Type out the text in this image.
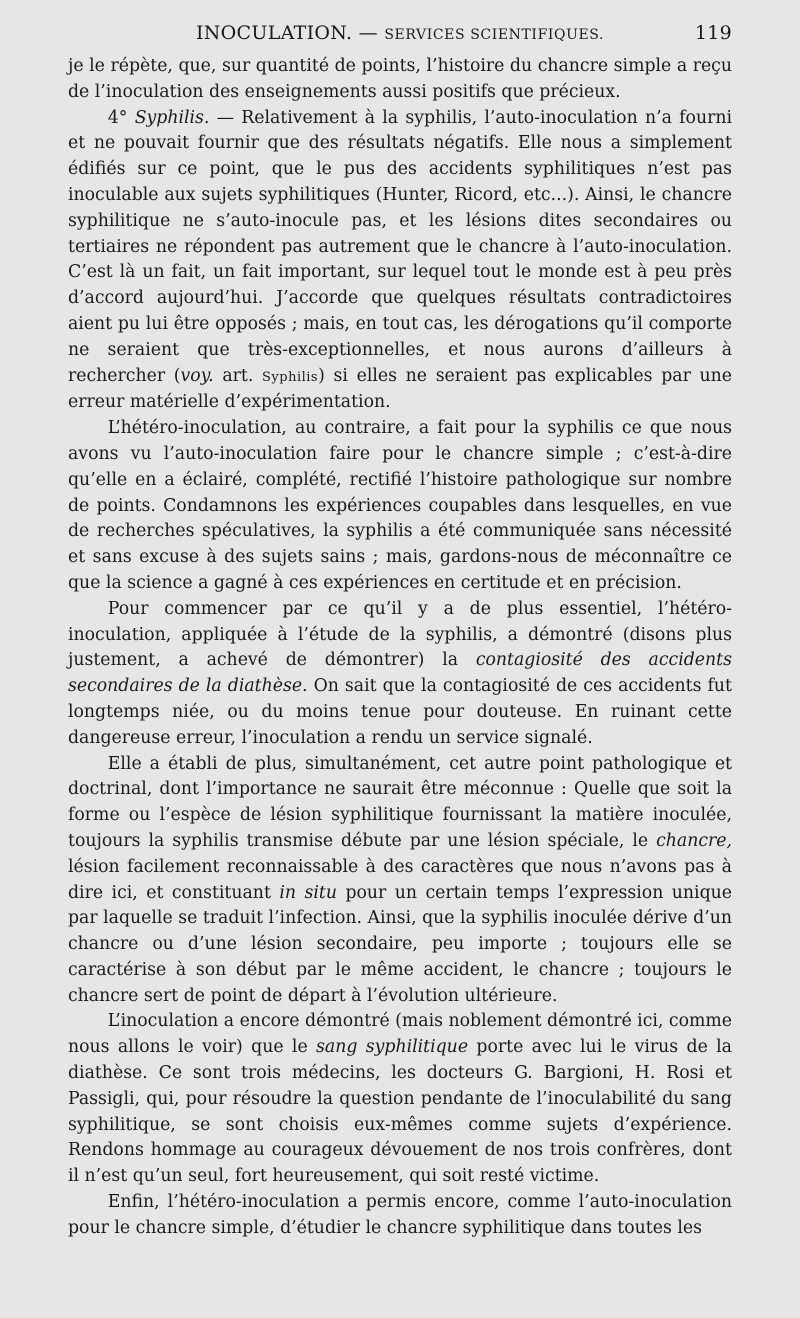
INOCULATION. — SERVICES SCIENTIFIQUES.	119

je le répète, que, sur quantité de points, l’histoire du chancre simple a reçu de l’inoculation des enseignements aussi positifs que précieux.

4° Syphilis. — Relativement à la syphilis, l’auto-inoculation n’a fourni et ne pouvait fournir que des résultats négatifs. Elle nous a simplement édifiés sur ce point, que le pus des accidents syphilitiques n’est pas inoculable aux sujets syphilitiques (Hunter, Ricord, etc...). Ainsi, le chancre syphilitique ne s’auto-inocule pas, et les lésions dites secondaires ou tertiaires ne répondent pas autrement que le chancre à l’auto-inoculation. C’est là un fait, un fait important, sur lequel tout le monde est à peu près d’accord aujourd’hui. J’accorde que quelques résultats contradictoires aient pu lui être opposés ; mais, en tout cas, les dérogations qu’il comporte ne seraient que très-exceptionnelles, et nous aurons d’ailleurs à rechercher (voy. art. Syphilis) si elles ne seraient pas explicables par une erreur matérielle d’expérimentation.

L’hétéro-inoculation, au contraire, a fait pour la syphilis ce que nous avons vu l’auto-inoculation faire pour le chancre simple ; c’est-à-dire qu’elle en a éclairé, complété, rectifié l’histoire pathologique sur nombre de points. Condamnons les expériences coupables dans lesquelles, en vue de recherches spéculatives, la syphilis a été communiquée sans nécessité et sans excuse à des sujets sains ; mais, gardons-nous de méconnaître ce que la science a gagné à ces expériences en certitude et en précision.

Pour commencer par ce qu’il y a de plus essentiel, l’hétéro-inoculation, appliquée à l’étude de la syphilis, a démontré (disons plus justement, a achevé de démontrer) la contagiosité des accidents secondaires de la diathèse. On sait que la contagiosité de ces accidents fut longtemps niée, ou du moins tenue pour douteuse. En ruinant cette dangereuse erreur, l’inoculation a rendu un service signalé.

Elle a établi de plus, simultanément, cet autre point pathologique et doctrinal, dont l’importance ne saurait être méconnue : Quelle que soit la forme ou l’espèce de lésion syphilitique fournissant la matière inoculée, toujours la syphilis transmise débute par une lésion spéciale, le chancre, lésion facilement reconnaissable à des caractères que nous n’avons pas à dire ici, et constituant in situ pour un certain temps l’expression unique par laquelle se traduit l’infection. Ainsi, que la syphilis inoculée dérive d’un chancre ou d’une lésion secondaire, peu importe ; toujours elle se caractérise à son début par le même accident, le chancre ; toujours le chancre sert de point de départ à l’évolution ultérieure.

L’inoculation a encore démontré (mais noblement démontré ici, comme nous allons le voir) que le sang syphilitique porte avec lui le virus de la diathèse. Ce sont trois médecins, les docteurs G. Bargioni, H. Rosi et Passigli, qui, pour résoudre la question pendante de l’inoculabilité du sang syphilitique, se sont choisis eux-mêmes comme sujets d’expérience. Rendons hommage au courageux dévouement de nos trois confrères, dont il n’est qu’un seul, fort heureusement, qui soit resté victime.

Enfin, l’hétéro-inoculation a permis encore, comme l’auto-inoculation pour le chancre simple, d’étudier le chancre syphilitique dans toutes les
